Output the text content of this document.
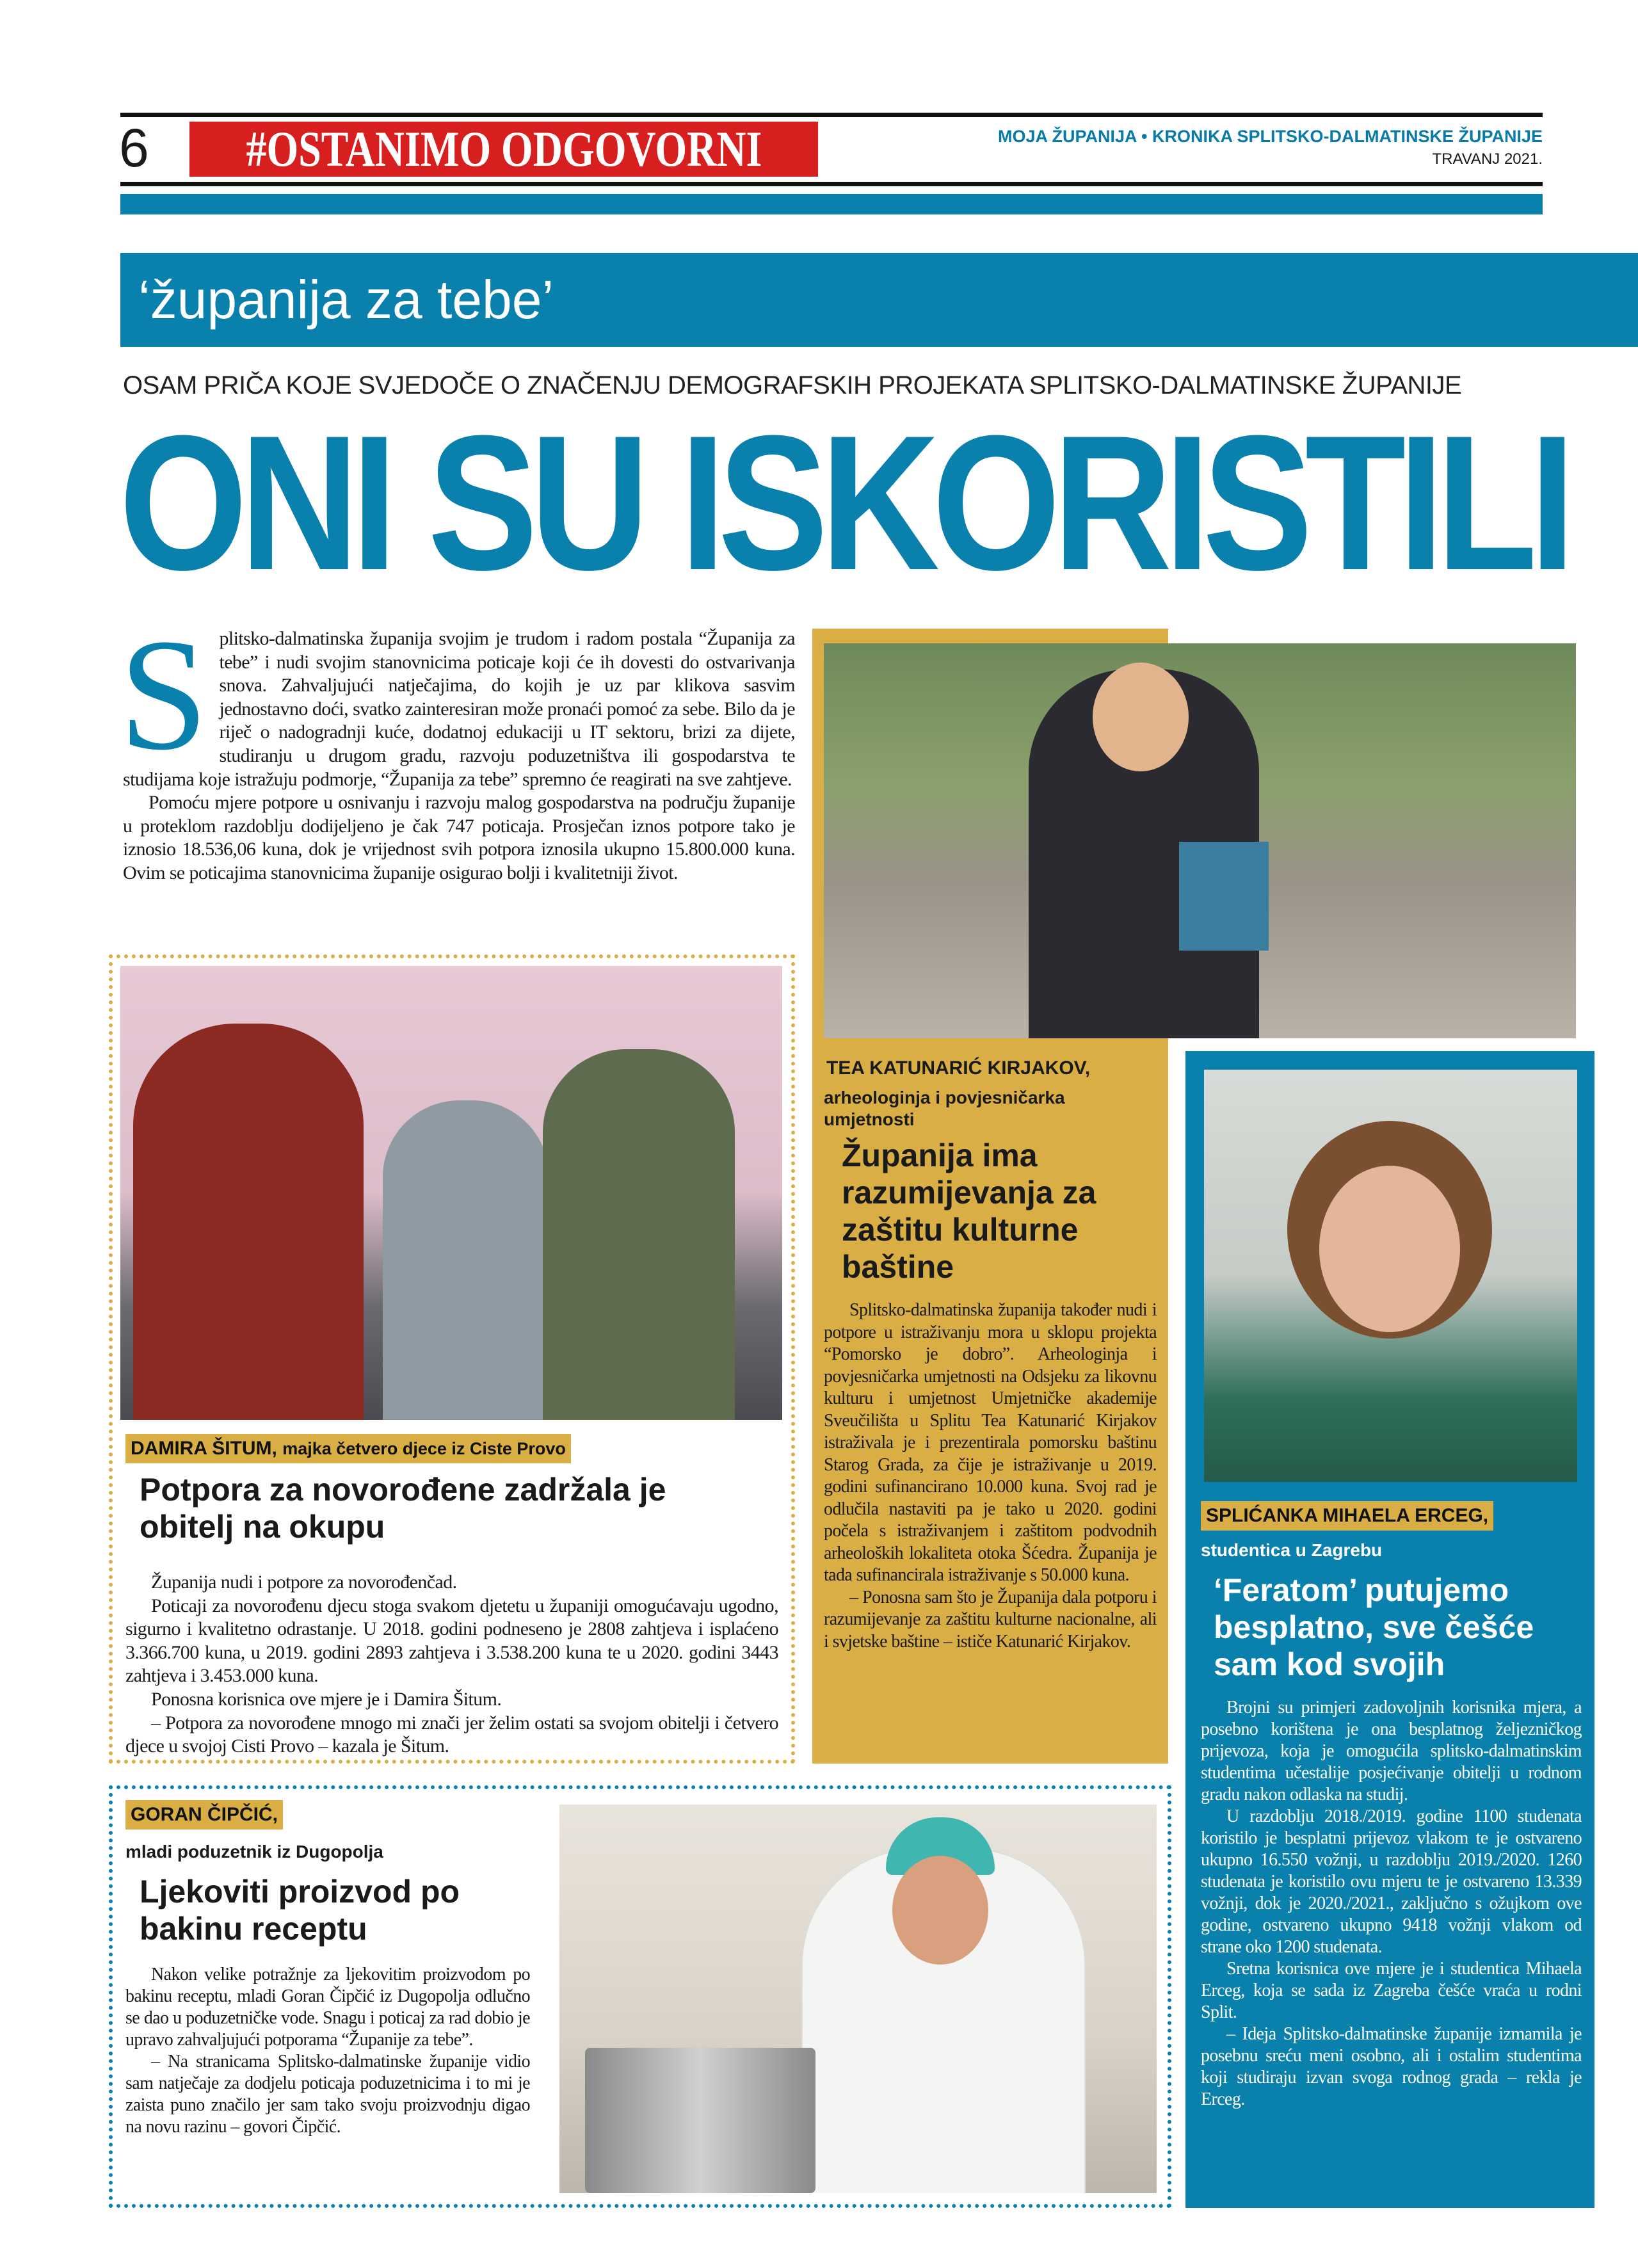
6	#OSTANIMO ODGOVORNI	MOJA ŽUPANIJA • KRONIKA SPLITSKO-DALMATINSKE ŽUPANIJE
TRAVANJ 2021.
‘županija za tebe’
OSAM PRIČA KOJE SVJEDOČE O ZNAČENJU DEMOGRAFSKIH PROJEKATA SPLITSKO-DALMATINSKE ŽUPANIJE
ONI SU ISKORISTILI
S plitsko-dalmatinska županija svojim je trudom i radom postala “Županija za tebe” i nudi svojim stanovnicima poticaje koji će ih dovesti do ostvarivanja snova. Zahvaljujući natječajima, do kojih je uz par klikova sasvim jednostavno doći, svatko zainteresiran može pronaći pomoć za sebe. Bilo da je riječ o nadogradnji kuće, dodatnoj edukaciji u IT sektoru, brizi za dijete, studiranju u drugom gradu, razvoju poduzetništva ili gospodarstva te studijama koje istražuju podmorje, “Županija za tebe” spremno će reagirati na sve zahtjeve.

Pomoću mjere potpore u osnivanju i razvoju malog gospodarstva na području županije u proteklom razdoblju dodijeljeno je čak 747 poticaja. Prosječan iznos potpore tako je iznosio 18.536,06 kuna, dok je vrijednost svih potpora iznosila ukupno 15.800.000 kuna. Ovim se poticajima stanovnicima županije osigurao bolji i kvalitetniji život.

TEA KATUNARIĆ KIRJAKOV,
arheologinja i povjesničarka umjetnosti
Županija ima razumijevanja za zaštitu kulturne baštine

Splitsko-dalmatinska županija također nudi i potpore u istraživanju mora u sklopu projekta “Pomorsko je dobro”. Arheologinja i povjesničarka umjetnosti na Odsjeku za likovnu kulturu i umjetnost Umjetničke akademije Sveučilišta u Splitu Tea Katunarić Kirjakov istraživala je i prezentirala pomorsku baštinu Starog Grada, za čije je istraživanje u 2019. godini sufinancirano 10.000 kuna. Svoj rad je odlučila nastaviti pa je tako u 2020. godini počela s istraživanjem i zaštitom podvodnih arheoloških lokaliteta otoka Šćedra. Županija je tada sufinancirala istraživanje s 50.000 kuna.

– Ponosna sam što je Županija dala potporu i razumijevanje za zaštitu kulturne nacionalne, ali i svjetske baštine – ističe Katunarić Kirjakov.

DAMIRA ŠITUM, majka četvero djece iz Ciste Provo
Potpora za novorođene zadržala je obitelj na okupu

Županija nudi i potpore za novorođenčad.

Poticaji za novorođenu djecu stoga svakom djetetu u županiji omogućavaju ugodno, sigurno i kvalitetno odrastanje. U 2018. godini podneseno je 2808 zahtjeva i isplaćeno 3.366.700 kuna, u 2019. godini 2893 zahtjeva i 3.538.200 kuna te u 2020. godini 3443 zahtjeva i 3.453.000 kuna.

Ponosna korisnica ove mjere je i Damira Šitum.

– Potpora za novorođene mnogo mi znači jer želim ostati sa svojom obitelji i četvero djece u svojoj Cisti Provo – kazala je Šitum.

SPLIĆANKA MIHAELA ERCEG,
studentica u Zagrebu
‘Feratom’ putujemo besplatno, sve češće sam kod svojih

Brojni su primjeri zadovoljnih korisnika mjera, a posebno korištena je ona besplatnog željezničkog prijevoza, koja je omogućila splitsko-dalmatinskim studentima učestalije posjećivanje obitelji u rodnom gradu nakon odlaska na studij.

U razdoblju 2018./2019. godine 1100 studenata koristilo je besplatni prijevoz vlakom te je ostvareno ukupno 16.550 vožnji, u razdoblju 2019./2020. 1260 studenata je koristilo ovu mjeru te je ostvareno 13.339 vožnji, dok je 2020./2021., zaključno s ožujkom ove godine, ostvareno ukupno 9418 vožnji vlakom od strane oko 1200 studenata.

Sretna korisnica ove mjere je i studentica Mihaela Erceg, koja se sada iz Zagreba češće vraća u rodni Split.

– Ideja Splitsko-dalmatinske županije izmamila je posebnu sreću meni osobno, ali i ostalim studentima koji studiraju izvan svoga rodnog grada – rekla je Erceg.

GORAN ČIPČIĆ,
mladi poduzetnik iz Dugopolja
Ljekoviti proizvod po bakinu receptu

Nakon velike potražnje za ljekovitim proizvodom po bakinu receptu, mladi Goran Čipčić iz Dugopolja odlučno se dao u poduzetničke vode. Snagu i poticaj za rad dobio je upravo zahvaljujući potporama “Županije za tebe”.

– Na stranicama Splitsko-dalmatinske županije vidio sam natječaje za dodjelu poticaja poduzetnicima i to mi je zaista puno značilo jer sam tako svoju proizvodnju digao na novu razinu – govori Čipčić.
